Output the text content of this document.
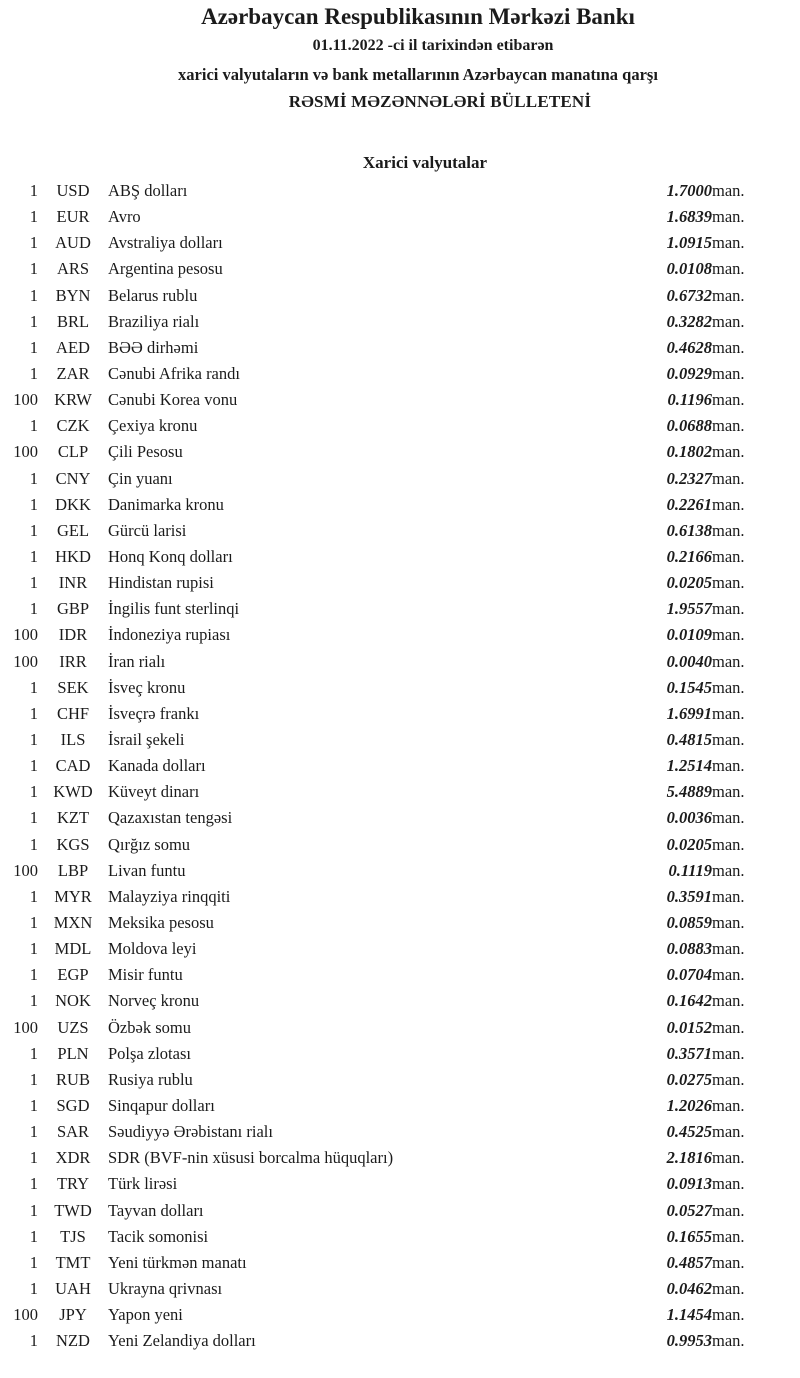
Azərbaycan Respublikasının Mərkəzi Bankı
01.11.2022 -ci il tarixindən etibarən
xarici valyutaların və bank metallarının Azərbaycan manatına qarşı
RƏSMİ MƏZƏNNƏLƏRİ BÜLLETENİ
Xarici valyutalar
1	USD	ABŞ dolları	1.7000	man.
1	EUR	Avro	1.6839	man.
1	AUD	Avstraliya dolları	1.0915	man.
1	ARS	Argentina pesosu	0.0108	man.
1	BYN	Belarus rublu	0.6732	man.
1	BRL	Braziliya rialı	0.3282	man.
1	AED	BƏƏ dirhəmi	0.4628	man.
1	ZAR	Cənubi Afrika randı	0.0929	man.
100	KRW	Cənubi Korea vonu	0.1196	man.
1	CZK	Çexiya kronu	0.0688	man.
100	CLP	Çili Pesosu	0.1802	man.
1	CNY	Çin yuanı	0.2327	man.
1	DKK	Danimarka kronu	0.2261	man.
1	GEL	Gürcü larisi	0.6138	man.
1	HKD	Honq Konq dolları	0.2166	man.
1	INR	Hindistan rupisi	0.0205	man.
1	GBP	İngilis funt sterlinqi	1.9557	man.
100	IDR	İndoneziya rupiası	0.0109	man.
100	IRR	İran rialı	0.0040	man.
1	SEK	İsveç kronu	0.1545	man.
1	CHF	İsveçrə frankı	1.6991	man.
1	ILS	İsrail şekeli	0.4815	man.
1	CAD	Kanada dolları	1.2514	man.
1	KWD	Küveyt dinarı	5.4889	man.
1	KZT	Qazaxıstan tengəsi	0.0036	man.
1	KGS	Qırğız somu	0.0205	man.
100	LBP	Livan funtu	0.1119	man.
1	MYR	Malayziya rinqqiti	0.3591	man.
1	MXN	Meksika pesosu	0.0859	man.
1	MDL	Moldova leyi	0.0883	man.
1	EGP	Misir funtu	0.0704	man.
1	NOK	Norveç kronu	0.1642	man.
100	UZS	Özbək somu	0.0152	man.
1	PLN	Polşa zlotası	0.3571	man.
1	RUB	Rusiya rublu	0.0275	man.
1	SGD	Sinqapur dolları	1.2026	man.
1	SAR	Səudiyyə Ərəbistanı rialı	0.4525	man.
1	XDR	SDR (BVF-nin xüsusi borcalma hüquqları)	2.1816	man.
1	TRY	Türk lirəsi	0.0913	man.
1	TWD	Tayvan dolları	0.0527	man.
1	TJS	Tacik somonisi	0.1655	man.
1	TMT	Yeni türkmən manatı	0.4857	man.
1	UAH	Ukrayna qrivnası	0.0462	man.
100	JPY	Yapon yeni	1.1454	man.
1	NZD	Yeni Zelandiya dolları	0.9953	man.
